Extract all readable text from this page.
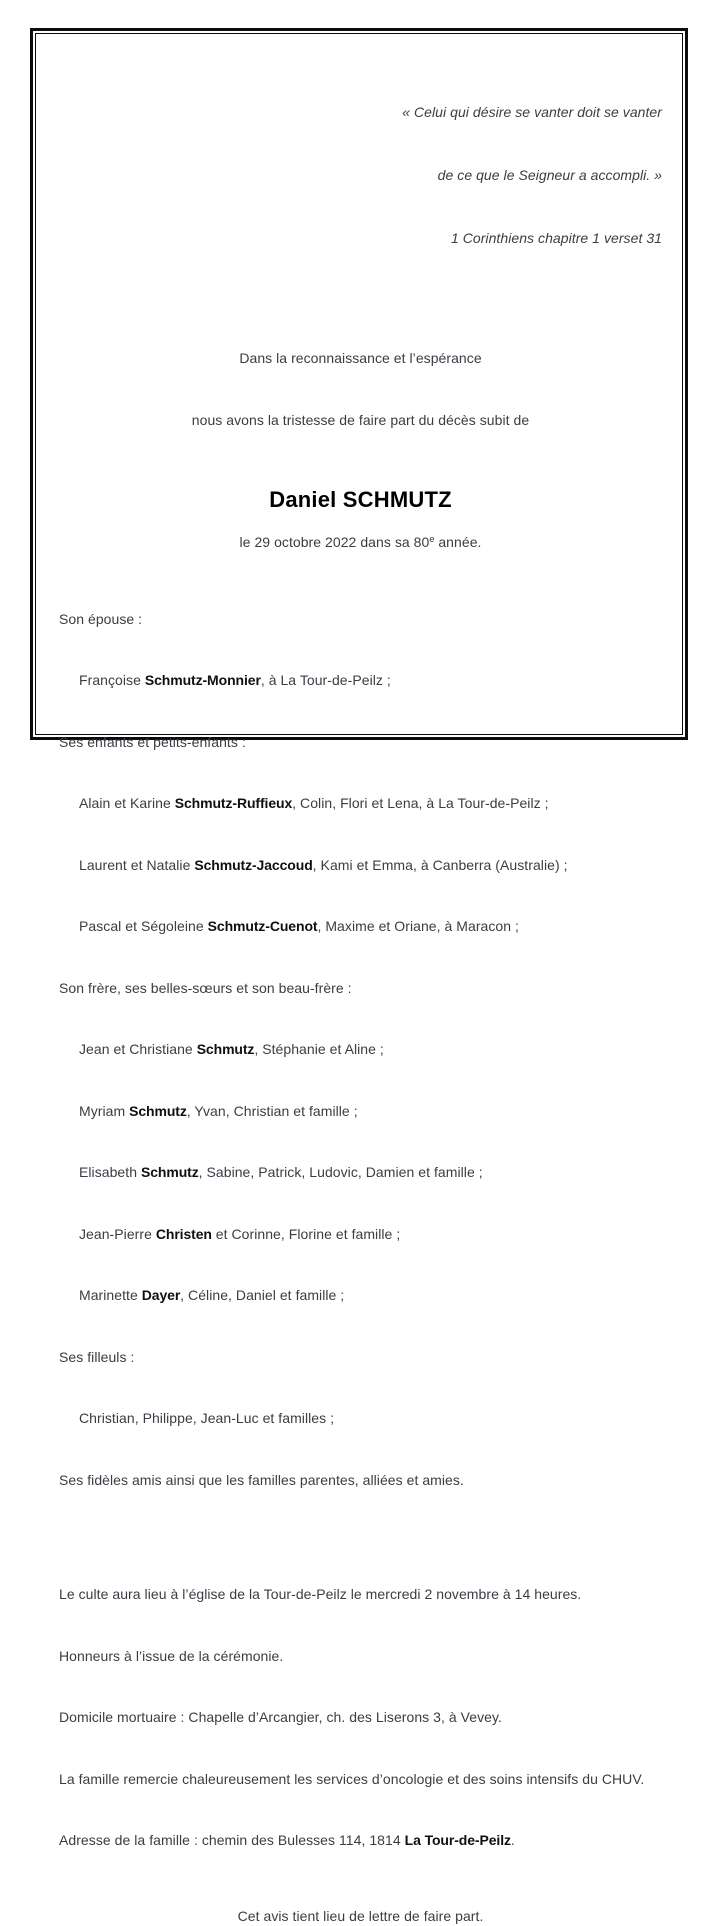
« Celui qui désire se vanter doit se vanter

de ce que le Seigneur a accompli. »

1 Corinthiens chapitre 1 verset 31

Dans la reconnaissance et l’espérance

nous avons la tristesse de faire part du décès subit de

Daniel SCHMUTZ

le 29 octobre 2022 dans sa 80e année.

Son épouse :

Françoise Schmutz-Monnier, à La Tour-de-Peilz ;

Ses enfants et petits-enfants :

Alain et Karine Schmutz-Ruffieux, Colin, Flori et Lena, à La Tour-de-Peilz ;

Laurent et Natalie Schmutz-Jaccoud, Kami et Emma, à Canberra (Australie) ;

Pascal et Ségoleine Schmutz-Cuenot, Maxime et Oriane, à Maracon ;

Son frère, ses belles-sœurs et son beau-frère :

Jean et Christiane Schmutz, Stéphanie et Aline ;

Myriam Schmutz, Yvan, Christian et famille ;

Elisabeth Schmutz, Sabine, Patrick, Ludovic, Damien et famille ;

Jean-Pierre Christen et Corinne, Florine et famille ;

Marinette Dayer, Céline, Daniel et famille ;

Ses filleuls :

Christian, Philippe, Jean-Luc et familles ;

Ses fidèles amis ainsi que les familles parentes, alliées et amies.

Le culte aura lieu à l’église de la Tour-de-Peilz le mercredi 2 novembre à 14 heures.

Honneurs à l’issue de la cérémonie.

Domicile mortuaire : Chapelle d’Arcangier, ch. des Liserons 3, à Vevey.

La famille remercie chaleureusement les services d’oncologie et des soins intensifs du CHUV.

Adresse de la famille : chemin des Bulesses 114, 1814 La Tour-de-Peilz.

Cet avis tient lieu de lettre de faire part.
